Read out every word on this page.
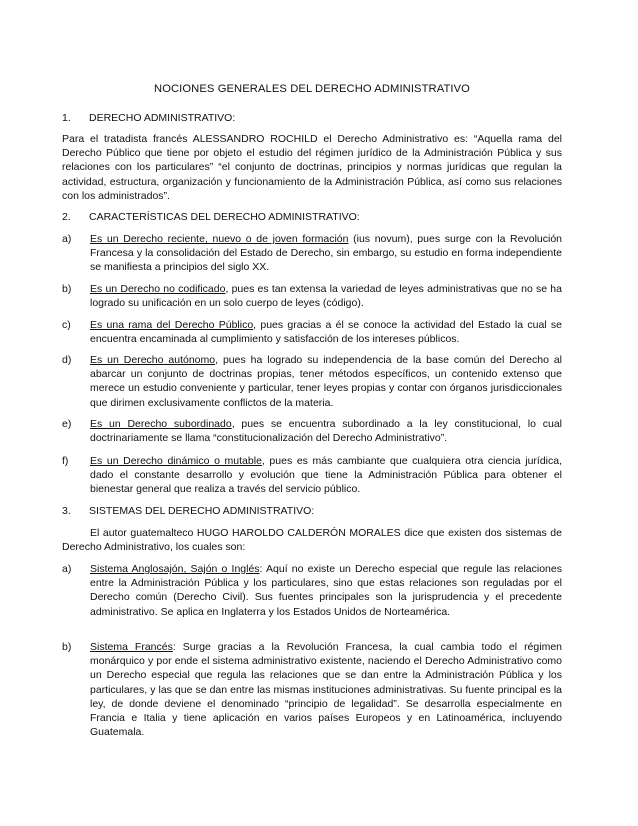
NOCIONES GENERALES DEL DERECHO ADMINISTRATIVO
1. DERECHO ADMINISTRATIVO:
Para el tratadista francés ALESSANDRO ROCHILD el Derecho Administrativo es: “Aquella rama del Derecho Público que tiene por objeto el estudio del régimen jurídico de la Administración Pública y sus relaciones con los particulares” “el conjunto de doctrinas, principios y normas jurídicas que regulan la actividad, estructura, organización y funcionamiento de la Administración Pública, así como sus relaciones con los administrados”.
2. CARACTERÍSTICAS DEL DERECHO ADMINISTRATIVO:
a) Es un Derecho reciente, nuevo o de joven formación (ius novum), pues surge con la Revolución Francesa y la consolidación del Estado de Derecho, sin embargo, su estudio en forma independiente se manifiesta a principios del siglo XX.
b) Es un Derecho no codificado, pues es tan extensa la variedad de leyes administrativas que no se ha logrado su unificación en un solo cuerpo de leyes (código).
c) Es una rama del Derecho Público, pues gracias a él se conoce la actividad del Estado la cual se encuentra encaminada al cumplimiento y satisfacción de los intereses públicos.
d) Es un Derecho autónomo, pues ha logrado su independencia de la base común del Derecho al abarcar un conjunto de doctrinas propias, tener métodos específicos, un contenido extenso que merece un estudio conveniente y particular, tener leyes propias y contar con órganos jurisdiccionales que dirimen exclusivamente conflictos de la materia.
e) Es un Derecho subordinado, pues se encuentra subordinado a la ley constitucional, lo cual doctrinariamente se llama “constitucionalización del Derecho Administrativo”.
f) Es un Derecho dinámico o mutable, pues es más cambiante que cualquiera otra ciencia jurídica, dado el constante desarrollo y evolución que tiene la Administración Pública para obtener el bienestar general que realiza a través del servicio público.
3. SISTEMAS DEL DERECHO ADMINISTRATIVO:
El autor guatemalteco HUGO HAROLDO CALDERÓN MORALES dice que existen dos sistemas de Derecho Administrativo, los cuales son:
a) Sistema Anglosajón, Sajón o Inglés: Aquí no existe un Derecho especial que regule las relaciones entre la Administración Pública y los particulares, sino que estas relaciones son reguladas por el Derecho común (Derecho Civil). Sus fuentes principales son la jurisprudencia y el precedente administrativo. Se aplica en Inglaterra y los Estados Unidos de Norteamérica.
b) Sistema Francés: Surge gracias a la Revolución Francesa, la cual cambia todo el régimen monárquico y por ende el sistema administrativo existente, naciendo el Derecho Administrativo como un Derecho especial que regula las relaciones que se dan entre la Administración Pública y los particulares, y las que se dan entre las mismas instituciones administrativas. Su fuente principal es la ley, de donde deviene el denominado “principio de legalidad”. Se desarrolla especialmente en Francia e Italia y tiene aplicación en varios países Europeos y en Latinoamérica, incluyendo Guatemala.
